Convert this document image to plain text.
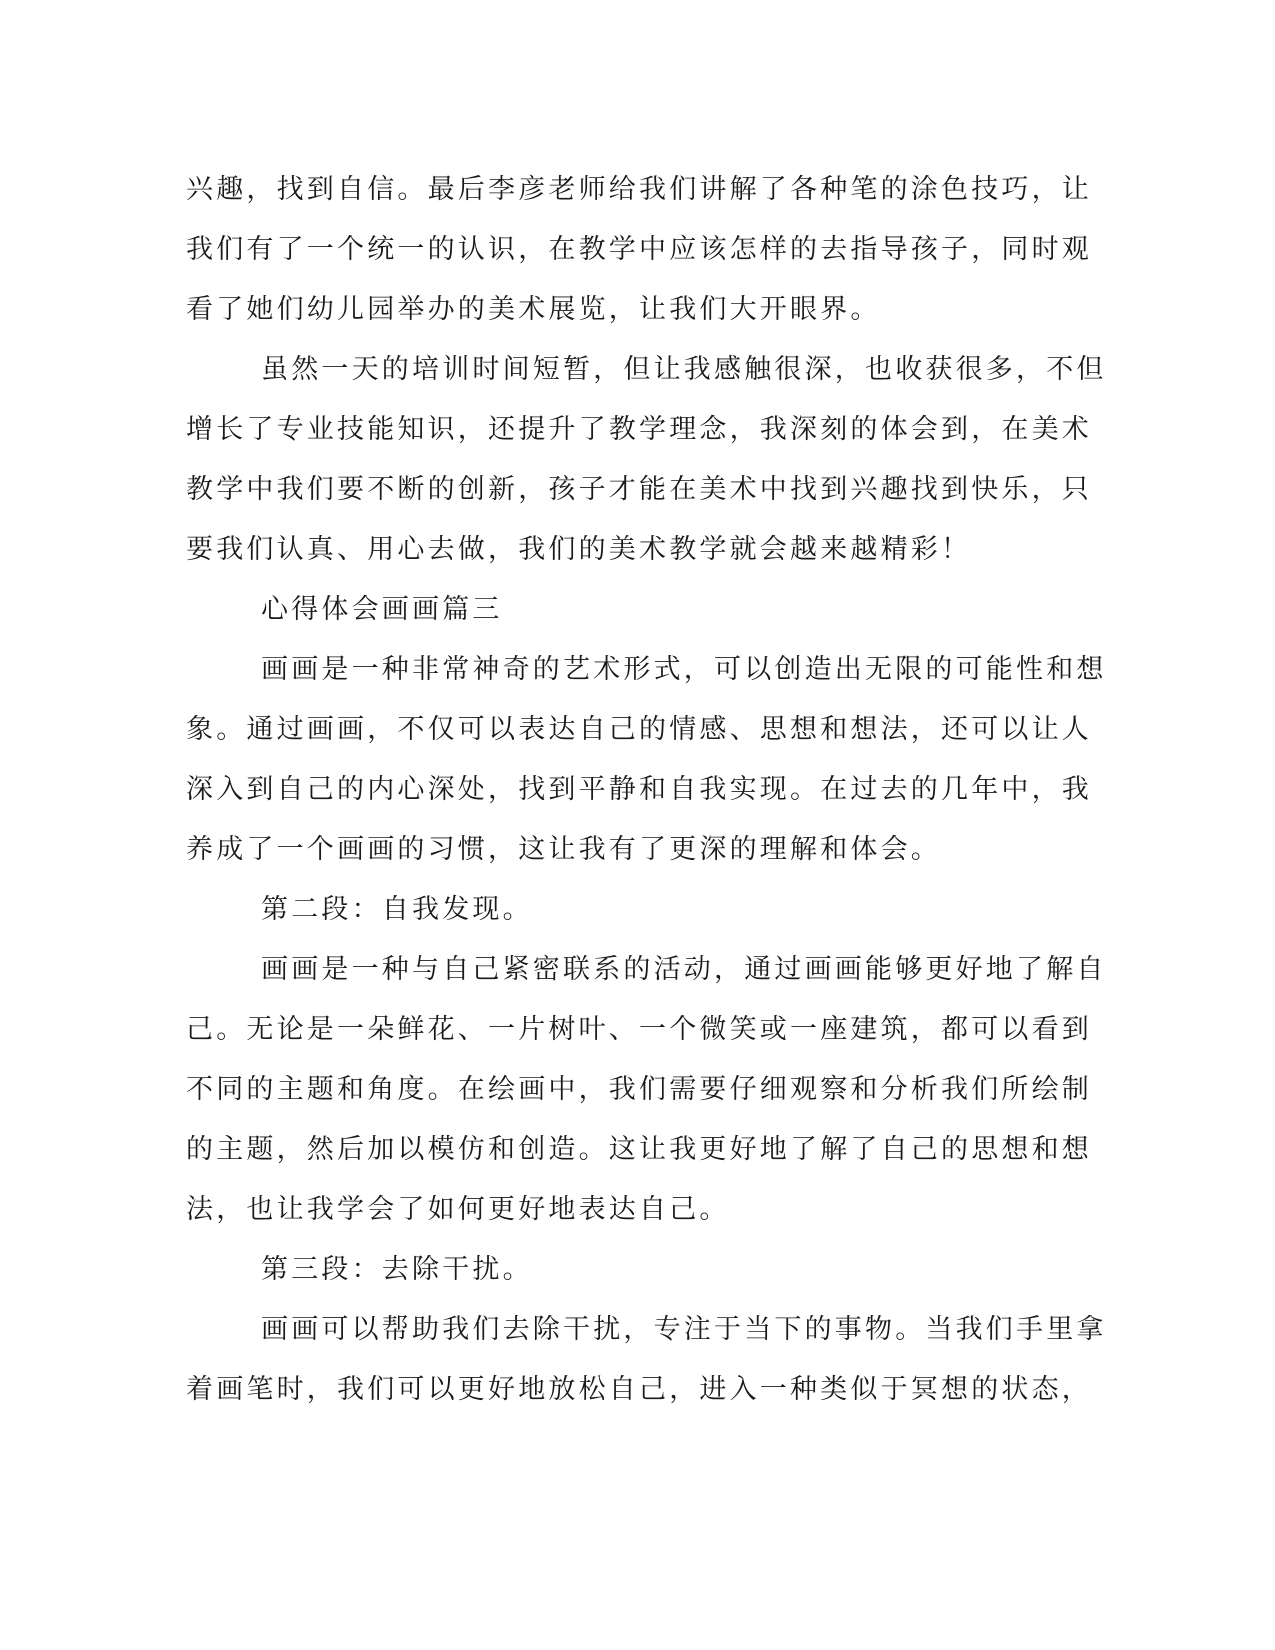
兴趣，找到自信。最后李彦老师给我们讲解了各种笔的涂色技巧，让
我们有了一个统一的认识，在教学中应该怎样的去指导孩子，同时观
看了她们幼儿园举办的美术展览，让我们大开眼界。
虽然一天的培训时间短暂，但让我感触很深，也收获很多，不但
增长了专业技能知识，还提升了教学理念，我深刻的体会到，在美术
教学中我们要不断的创新，孩子才能在美术中找到兴趣找到快乐，只
要我们认真、用心去做，我们的美术教学就会越来越精彩！
心得体会画画篇三
画画是一种非常神奇的艺术形式，可以创造出无限的可能性和想
象。通过画画，不仅可以表达自己的情感、思想和想法，还可以让人
深入到自己的内心深处，找到平静和自我实现。在过去的几年中，我
养成了一个画画的习惯，这让我有了更深的理解和体会。
第二段：自我发现。
画画是一种与自己紧密联系的活动，通过画画能够更好地了解自
己。无论是一朵鲜花、一片树叶、一个微笑或一座建筑，都可以看到
不同的主题和角度。在绘画中，我们需要仔细观察和分析我们所绘制
的主题，然后加以模仿和创造。这让我更好地了解了自己的思想和想
法，也让我学会了如何更好地表达自己。
第三段：去除干扰。
画画可以帮助我们去除干扰，专注于当下的事物。当我们手里拿
着画笔时，我们可以更好地放松自己，进入一种类似于冥想的状态，
